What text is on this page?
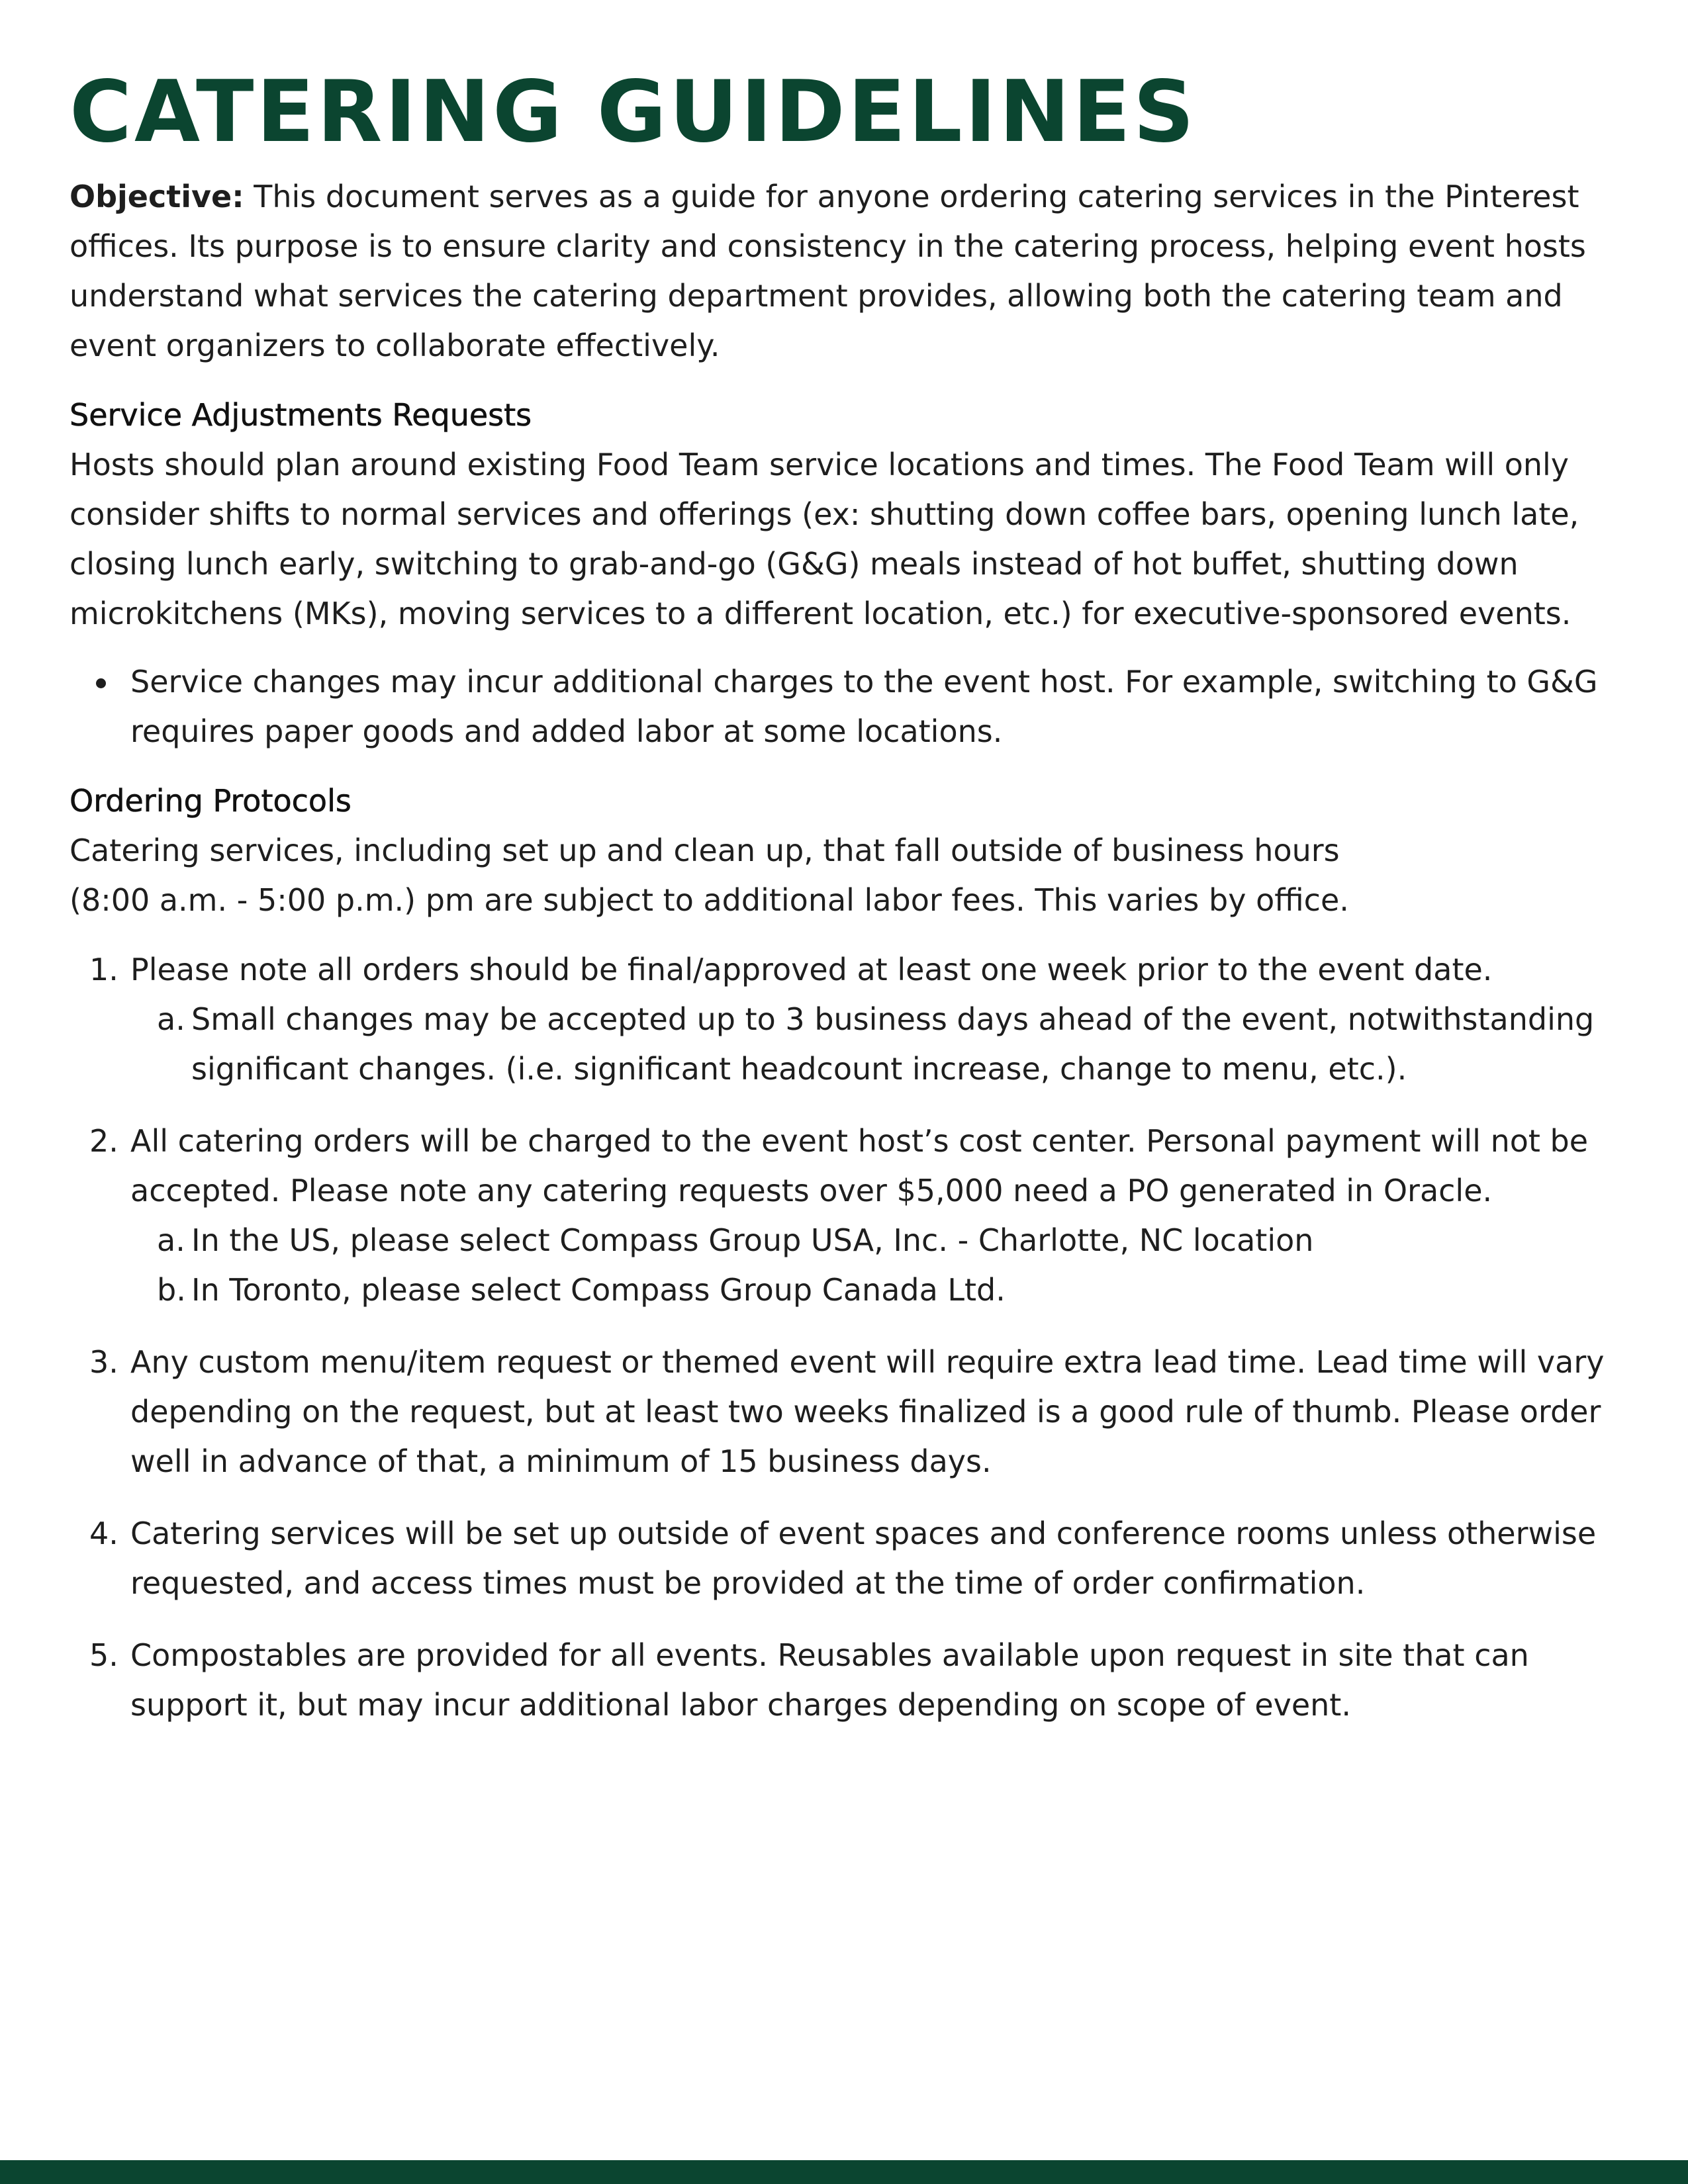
CATERING GUIDELINES

Objective: This document serves as a guide for anyone ordering catering services in the Pinterest offices. Its purpose is to ensure clarity and consistency in the catering process, helping event hosts understand what services the catering department provides, allowing both the catering team and event organizers to collaborate effectively.

Service Adjustments Requests

Hosts should plan around existing Food Team service locations and times. The Food Team will only consider shifts to normal services and offerings (ex: shutting down coffee bars, opening lunch late, closing lunch early, switching to grab-and-go (G&G) meals instead of hot buffet, shutting down microkitchens (MKs), moving services to a different location, etc.) for executive-sponsored events.

Service changes may incur additional charges to the event host. For example, switching to G&G requires paper goods and added labor at some locations.
Ordering Protocols

Catering services, including set up and clean up, that fall outside of business hours
(8:00 a.m. - 5:00 p.m.) pm are subject to additional labor fees. This varies by office.

1. Please note all orders should be final/approved at least one week prior to the event date.
a. Small changes may be accepted up to 3 business days ahead of the event, notwithstanding significant changes. (i.e. significant headcount increase, change to menu, etc.).
2. All catering orders will be charged to the event host’s cost center. Personal payment will not be accepted. Please note any catering requests over $5,000 need a PO generated in Oracle.
a. In the US, please select Compass Group USA, Inc. - Charlotte, NC location
b. In Toronto, please select Compass Group Canada Ltd.
3. Any custom menu/item request or themed event will require extra lead time. Lead time will vary depending on the request, but at least two weeks finalized is a good rule of thumb. Please order well in advance of that, a minimum of 15 business days.
4. Catering services will be set up outside of event spaces and conference rooms unless otherwise requested, and access times must be provided at the time of order confirmation.
5. Compostables are provided for all events. Reusables available upon request in site that can support it, but may incur additional labor charges depending on scope of event.
